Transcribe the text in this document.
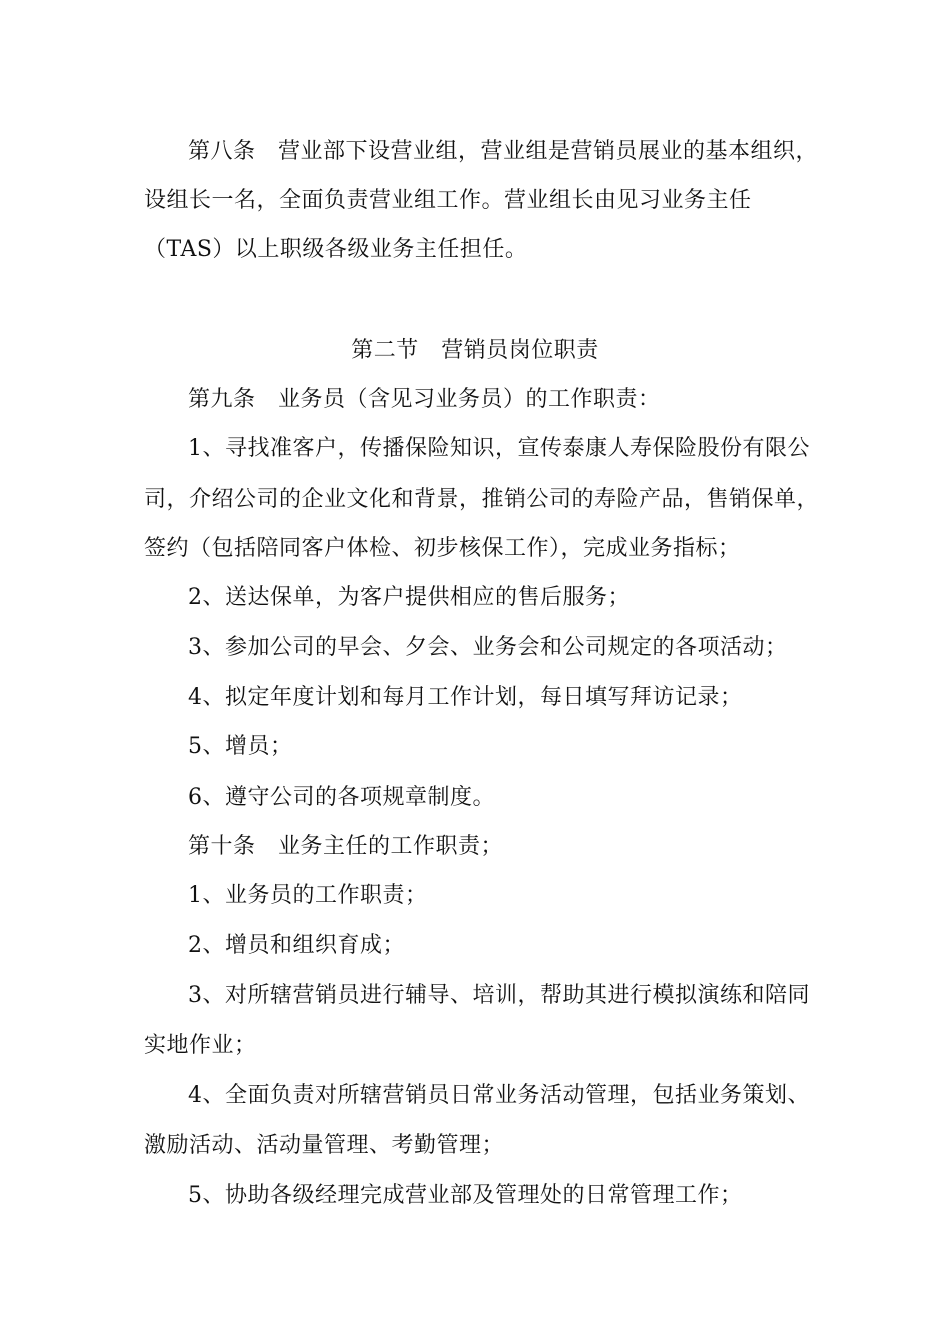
第八条　营业部下设营业组，营业组是营销员展业的基本组织，
设组长一名，全面负责营业组工作。营业组长由见习业务主任
（TAS）以上职级各级业务主任担任。
第二节　营销员岗位职责
第九条　业务员（含见习业务员）的工作职责：
1、寻找准客户，传播保险知识，宣传泰康人寿保险股份有限公
司，介绍公司的企业文化和背景，推销公司的寿险产品，售销保单，
签约（包括陪同客户体检、初步核保工作），完成业务指标；
2、送达保单，为客户提供相应的售后服务；
3、参加公司的早会、夕会、业务会和公司规定的各项活动；
4、拟定年度计划和每月工作计划，每日填写拜访记录；
5、增员；
6、遵守公司的各项规章制度。
第十条　业务主任的工作职责；
1、业务员的工作职责；
2、增员和组织育成；
3、对所辖营销员进行辅导、培训，帮助其进行模拟演练和陪同
实地作业；
4、全面负责对所辖营销员日常业务活动管理，包括业务策划、
激励活动、活动量管理、考勤管理；
5、协助各级经理完成营业部及管理处的日常管理工作；
